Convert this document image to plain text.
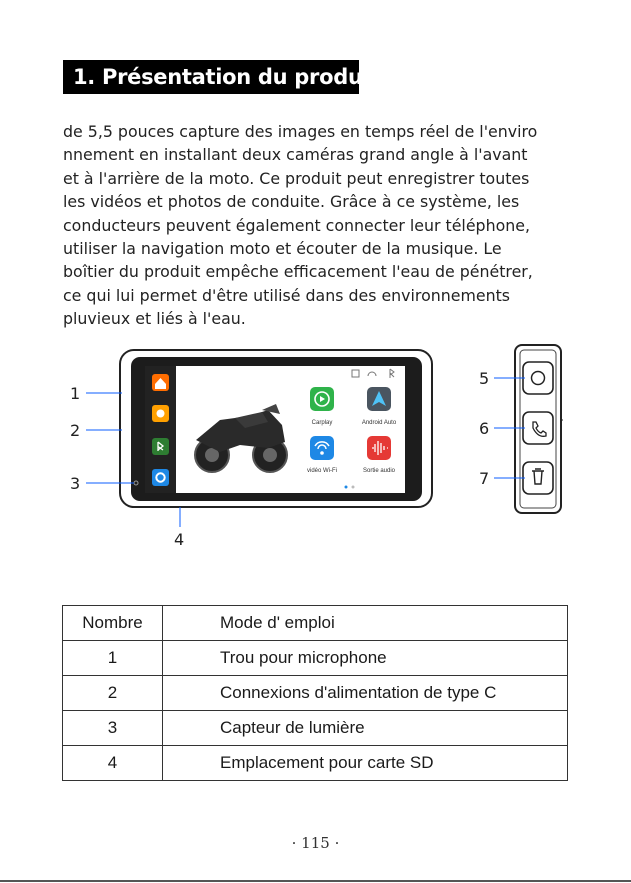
1. Présentation du produit

de 5,5 pouces capture des images en temps réel de l'enviro
nnement en installant deux caméras grand angle à l'avant
et à l'arrière de la moto. Ce produit peut enregistrer toutes
les vidéos et photos de conduite. Grâce à ce système, les
conducteurs peuvent également connecter leur téléphone,
utiliser la navigation moto et écouter de la musique. Le
boîtier du produit empêche efficacement l'eau de pénétrer,
ce qui lui permet d'être utilisé dans des environnements
pluvieux et liés à l'eau.

Carplay	Android Auto
vidéo Wi-Fi	Sortie audio
1
2
3
4
5
6
7
Nombre	Mode d' emploi
1	Trou pour microphone
2	Connexions d'alimentation de type C
3	Capteur de lumière
4	Emplacement pour carte SD
· 115 ·
